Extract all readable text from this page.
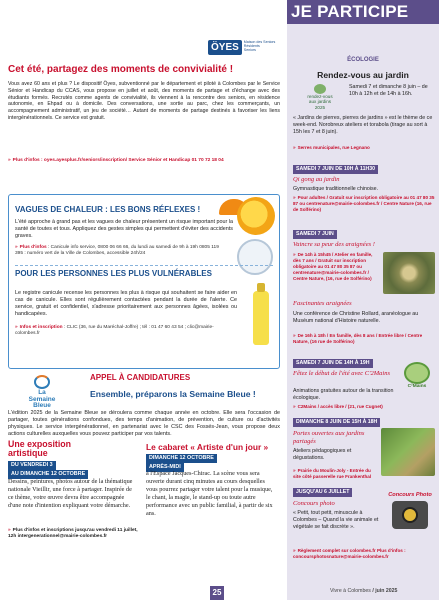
ÖYES	Maison des Seniors
Résidents
Seniors
Cet été, partagez des moments de convivialité !

Vous avez 60 ans et plus ? Le dispositif Öyes, subventionné par le département et piloté à Colombes par le Service Sénior et Handicap du CCAS, vous propose en juillet et août, des moments de partage et d'échange avec des étudiants formés. Recrutés comme agents de convivialité, ils viennent à la rencontre des seniors, en résidence autonomie, en Ehpad ou à domicile. Des conversations, une sortie au parc, chez les commerçants, un accompagnement administratif, un jeu de société… Autant de moments de partage destinés à favoriser les liens intergénérationnels. Ce service est gratuit.

» Plus d'infos : oyes.ayesplus.fr/seniors/inscription/ Service Sénior et Handicap 01 70 72 18 04

VAGUES DE CHALEUR : LES BONS RÉFLEXES !

L'été approche à grand pas et les vagues de chaleur présentent un risque important pour la santé de toutes et tous. Appliquez des gestes simples qui permettent d'éviter des accidents graves.

» Plus d'infos : Canicule info service, 0800 06 66 66, du lundi au samedi de 9h à 19h 0805 119 395 : numéro vert de la Ville de Colombes, accessible 24h/24

POUR LES PERSONNES LES PLUS VULNÉRABLES

Le registre canicule recense les personnes les plus à risque qui souhaitent se faire aider en cas de canicule. Elles sont régulièrement contactées pendant la durée de l'alerte. Ce service, gratuit et confidentiel, s'adresse prioritairement aux personnes âgées, isolées ou handicapées.

» Infos et inscription : CLIC (36, rue du Maréchal-Joffre) ; tél : 01 47 60 43 54 ; clic@mairie-colombes.fr

La
Semaine
Bleue
APPEL À CANDIDATURES
Ensemble, préparons la Semaine Bleue !

L'édition 2025 de la Semaine Bleue se déroulera comme chaque année en octobre. Elle sera l'occasion de partager, toutes générations confondues, des temps d'animation, de prévention, de culture ou d'activités physiques. Le service intergénérationnel, en partenariat avec le CSC des Fossés-Jean, vous propose deux actions culturelles auxquelles vous pouvez participer par vos talents.

Une exposition
artistique
DU VENDREDI 3
AU DIMANCHE 12 OCTOBRE

Dessins, peintures, photos autour de la thématique nationale Vieillir, une force à partager. Inspirée de ce thème, votre œuvre devra être accompagnée d'une note d'intention expliquant votre démarche.

» Plus d'infos et inscriptions jusqu'au vendredi 11 juillet, 12h intergenerationnel@mairie-colombes.fr

Le cabaret « Artiste d'un jour »
DIMANCHE 12 OCTOBRE
APRÈS-MIDI

à l'Espace Jacques-Chirac. La scène vous sera ouverte durant cinq minutes au cours desquelles vous pourrez partager votre talent pour la musique, le chant, la magie, le stand-up ou toute autre performance avec un public familial, à partir de six ans.

JE PARTICIPE
ÉCOLOGIE
Rendez-vous au jardin
rendez-vous
aux jardins
2025

Samedi 7 et dimanche 8 juin – de 10h à 12h et de 14h à 16h.

« Jardins de pierres, pierres de jardins » est le thème de ce week-end. Norobreux ateliers et torabola (tirage au sort à 15h les 7 et 8 juin).

» Serres municipales, rue Legnano

SAMEDI 7 JUIN DE 10H À 11H30
Qi gong au jardin
Gymnastique traditionnelle chinoise.

» Pour adultes / Gratuit sur inscription obligatoire au 01 47 80 35 87 ou centrenature@mairie-colombes.fr / Centre Nature (16, rue de Solférino)

SAMEDI 7 JUIN
Vaincre sa peur des araignées !

» De 14h à 15h45 / Atelier en famille, dès 7 ans / Gratuit sur inscription obligatoire au 01 47 80 35 87 ou centrenature@mairie-colombes.fr / Centre Nature, (16, rue de Solférino)

Fascinantes araignées
Une conférence de Christine Rollard, aranéologue au Muséum national d'Histoire naturelle.

» De 16h à 18h / En famille, dès 8 ans / Entrée libre / Centre Nature, (16 rue de Solférino)

SAMEDI 7 JUIN DE 14H À 19H
Fêtez le début de l'été avec C'2Mains
Animations gratuites autour de la transition écologique.

» C2Mains / accès libre / (21, rue Cugnet)

C²Mains
DIMANCHE 8 JUIN DE 15H À 18H
Portes ouvertes aux jardins partagés
Ateliers pédagogiques et dégustations.

» Prairie du Moulin-Joly - Entrée du site côté passerelle rue Frankenthal

JUSQU'AU 6 JUILLET
Concours photo
« Petit, tout petit, minuscule à Colombes – Quand la vie animale et végétale se fait discrète ».

» Règlement complet sur colombes.fr Plus d'infos : concoursphotosnature@mairie-colombes.fr

Concours Photo
25	Vivre à Colombes / juin 2025
